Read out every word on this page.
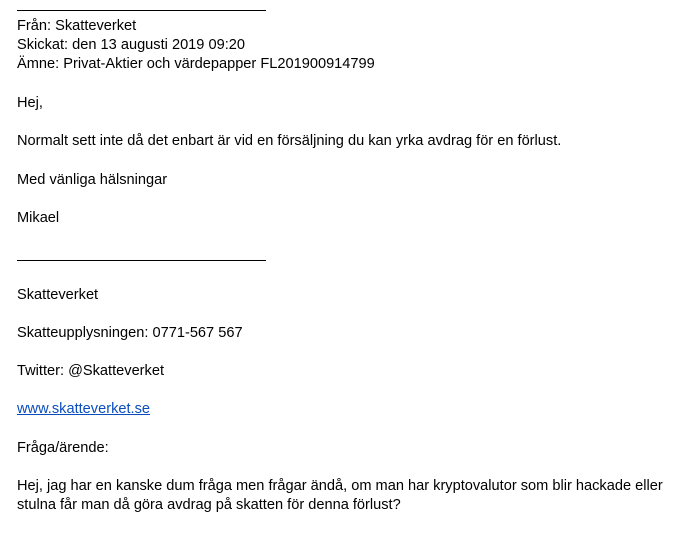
Från: Skatteverket
Skickat: den 13 augusti 2019 09:20
Ämne: Privat-Aktier och värdepapper FL201900914799
Hej,
Normalt sett inte då det enbart är vid en försäljning du kan yrka avdrag för en förlust.
Med vänliga hälsningar
Mikael
Skatteverket
Skatteupplysningen: 0771-567 567
Twitter: @Skatteverket
www.skatteverket.se
Fråga/ärende:
Hej, jag har en kanske dum fråga men frågar ändå, om man har kryptovalutor som blir hackade eller stulna får man då göra avdrag på skatten för denna förlust?
